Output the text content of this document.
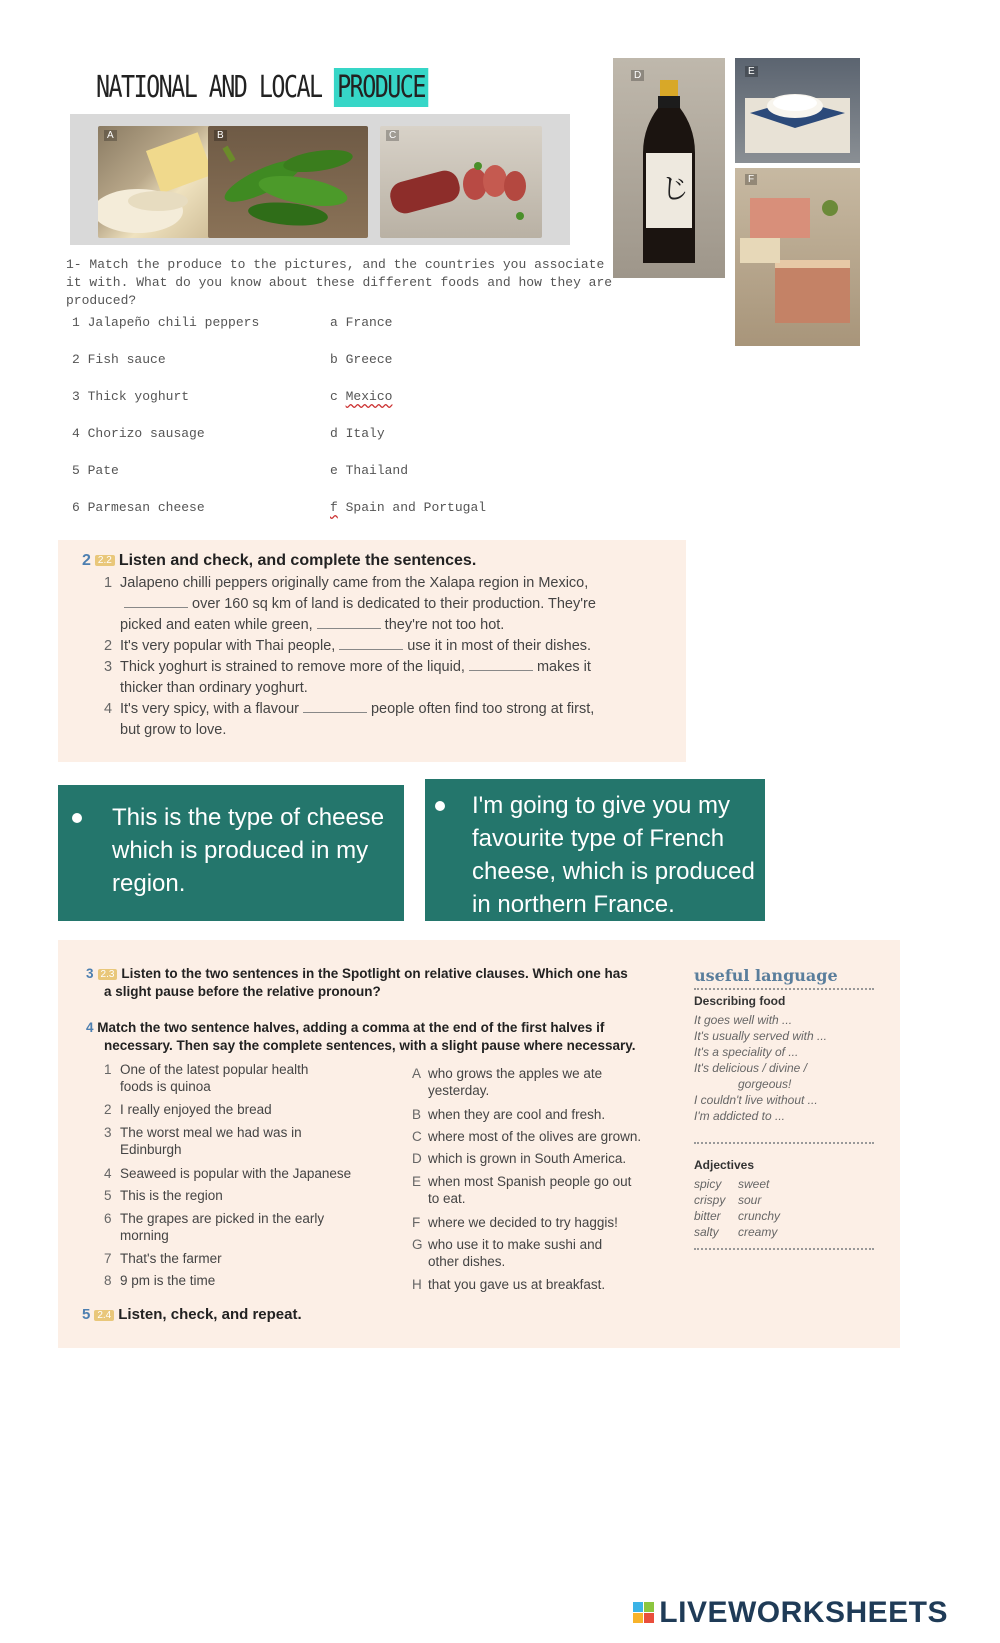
NATIONAL AND LOCAL PRODUCE
A	B	C
じ
D	E
F
1- Match the produce to the pictures, and the countries you associate it with. What do you know about these different foods and how they are produced?
1 Jalapeño chili peppers	a France
2 Fish sauce	b Greece
3 Thick yoghurt	c Mexico
4 Chorizo sausage	d Italy
5 Pate	e Thailand
6 Parmesan cheese	f Spain and Portugal
2 2.2 Listen and check, and complete the sentences.
1 Jalapeno chilli peppers originally came from the Xalapa region in Mexico,
over 160 sq km of land is dedicated to their production. They're
picked and eaten while green,	they're not too hot.
2 It's very popular with Thai people,	use it in most of their dishes.
3 Thick yoghurt is strained to remove more of the liquid,	makes it
thicker than ordinary yoghurt.
4 It's very spicy, with a flavour	people often find too strong at first,
but grow to love.
This is the type of cheese which is produced in my region.
I'm going to give you my favourite type of French cheese, which is produced in northern France.
3 2.3 Listen to the two sentences in the Spotlight on relative clauses. Which one has
a slight pause before the relative pronoun?
4 Match the two sentence halves, adding a comma at the end of the first halves if
necessary. Then say the complete sentences, with a slight pause where necessary.
1 One of the latest popular health
foods is quinoa
2 I really enjoyed the bread
3 The worst meal we had was in
Edinburgh
4 Seaweed is popular with the Japanese
5 This is the region
6 The grapes are picked in the early
morning
7 That's the farmer
8 9 pm is the time
A who grows the apples we ate
yesterday.
B when they are cool and fresh.
C where most of the olives are grown.
D which is grown in South America.
E when most Spanish people go out
to eat.
F where we decided to try haggis!
G who use it to make sushi and
other dishes.
H that you gave us at breakfast.
5 2.4 Listen, check, and repeat.
useful language
Describing food
It goes well with ...
It's usually served with ...
It's a speciality of ...
It's delicious / divine /
gorgeous!
I couldn't live without ...
I'm addicted to ...
Adjectives
spicy sweet
crispy sour
bitter crunchy
salty creamy
LIVEWORKSHEETS
